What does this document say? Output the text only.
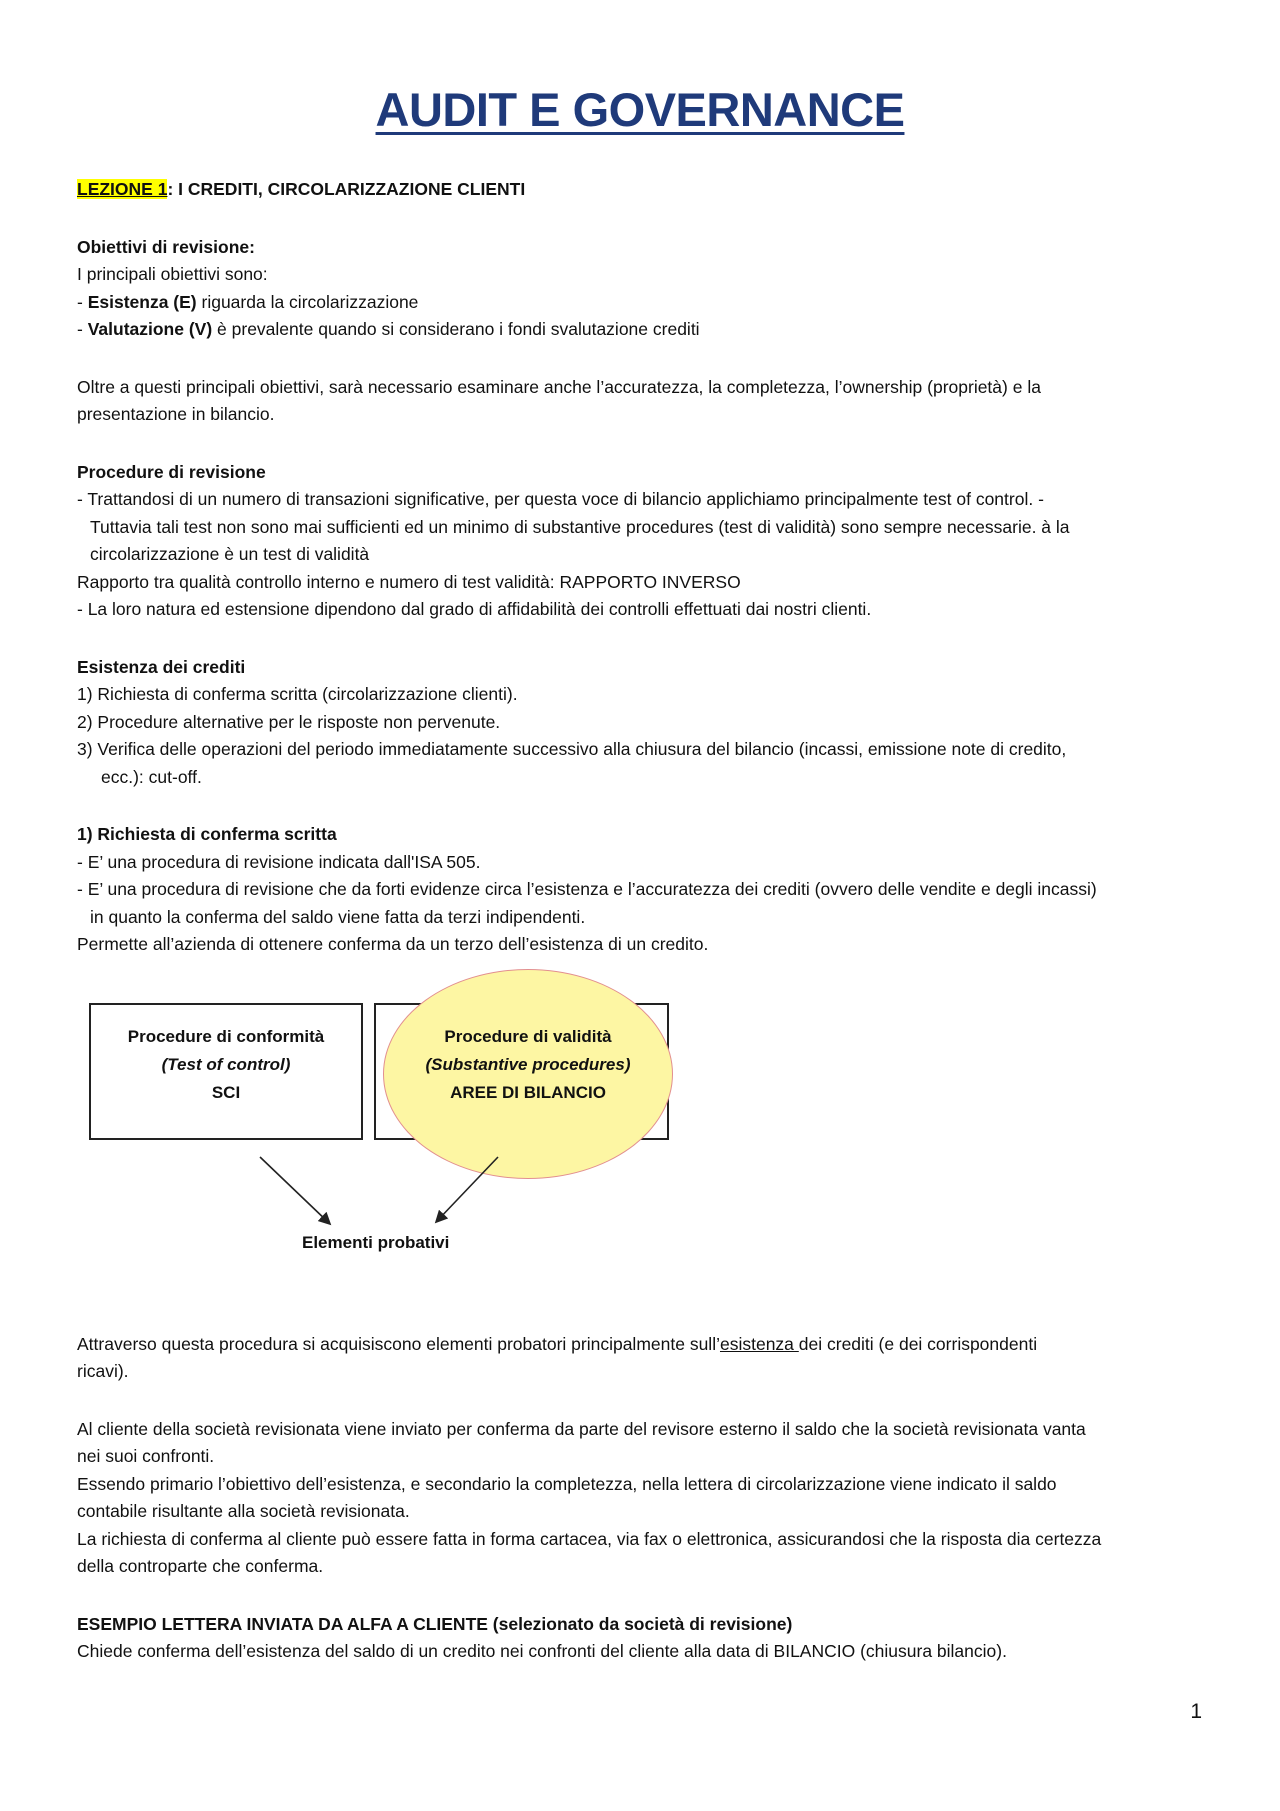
AUDIT E GOVERNANCE
LEZIONE 1: I CREDITI, CIRCOLARIZZAZIONE CLIENTI
Obiettivi di revisione:
I principali obiettivi sono:
- Esistenza (E) riguarda la circolarizzazione
- Valutazione (V) è prevalente quando si considerano i fondi svalutazione crediti
Oltre a questi principali obiettivi, sarà necessario esaminare anche l’accuratezza, la completezza, l’ownership (proprietà) e la
presentazione in bilancio.
Procedure di revisione
- Trattandosi di un numero di transazioni significative, per questa voce di bilancio applichiamo principalmente test of control. -
Tuttavia tali test non sono mai sufficienti ed un minimo di substantive procedures (test di validità) sono sempre necessarie. à la
circolarizzazione è un test di validità
Rapporto tra qualità controllo interno e numero di test validità: RAPPORTO INVERSO
- La loro natura ed estensione dipendono dal grado di affidabilità dei controlli effettuati dai nostri clienti.
Esistenza dei crediti
1) Richiesta di conferma scritta (circolarizzazione clienti).
2) Procedure alternative per le risposte non pervenute.
3) Verifica delle operazioni del periodo immediatamente successivo alla chiusura del bilancio (incassi, emissione note di credito,
ecc.): cut-off.
1) Richiesta di conferma scritta
- E’ una procedura di revisione indicata dall'ISA 505.
- E’ una procedura di revisione che da forti evidenze circa l’esistenza e l’accuratezza dei crediti (ovvero delle vendite e degli incassi)
in quanto la conferma del saldo viene fatta da terzi indipendenti.
Permette all’azienda di ottenere conferma da un terzo dell’esistenza di un credito.
Procedure di conformità
(Test of control)
SCI
Procedure di validità
(Substantive procedures)
AREE DI BILANCIO
Elementi probativi
Attraverso questa procedura si acquisiscono elementi probatori principalmente sull’esistenza dei crediti (e dei corrispondenti
ricavi).
Al cliente della società revisionata viene inviato per conferma da parte del revisore esterno il saldo che la società revisionata vanta
nei suoi confronti.
Essendo primario l’obiettivo dell’esistenza, e secondario la completezza, nella lettera di circolarizzazione viene indicato il saldo
contabile risultante alla società revisionata.
La richiesta di conferma al cliente può essere fatta in forma cartacea, via fax o elettronica, assicurandosi che la risposta dia certezza
della controparte che conferma.
ESEMPIO LETTERA INVIATA DA ALFA A CLIENTE (selezionato da società di revisione)
Chiede conferma dell’esistenza del saldo di un credito nei confronti del cliente alla data di BILANCIO (chiusura bilancio).
1
